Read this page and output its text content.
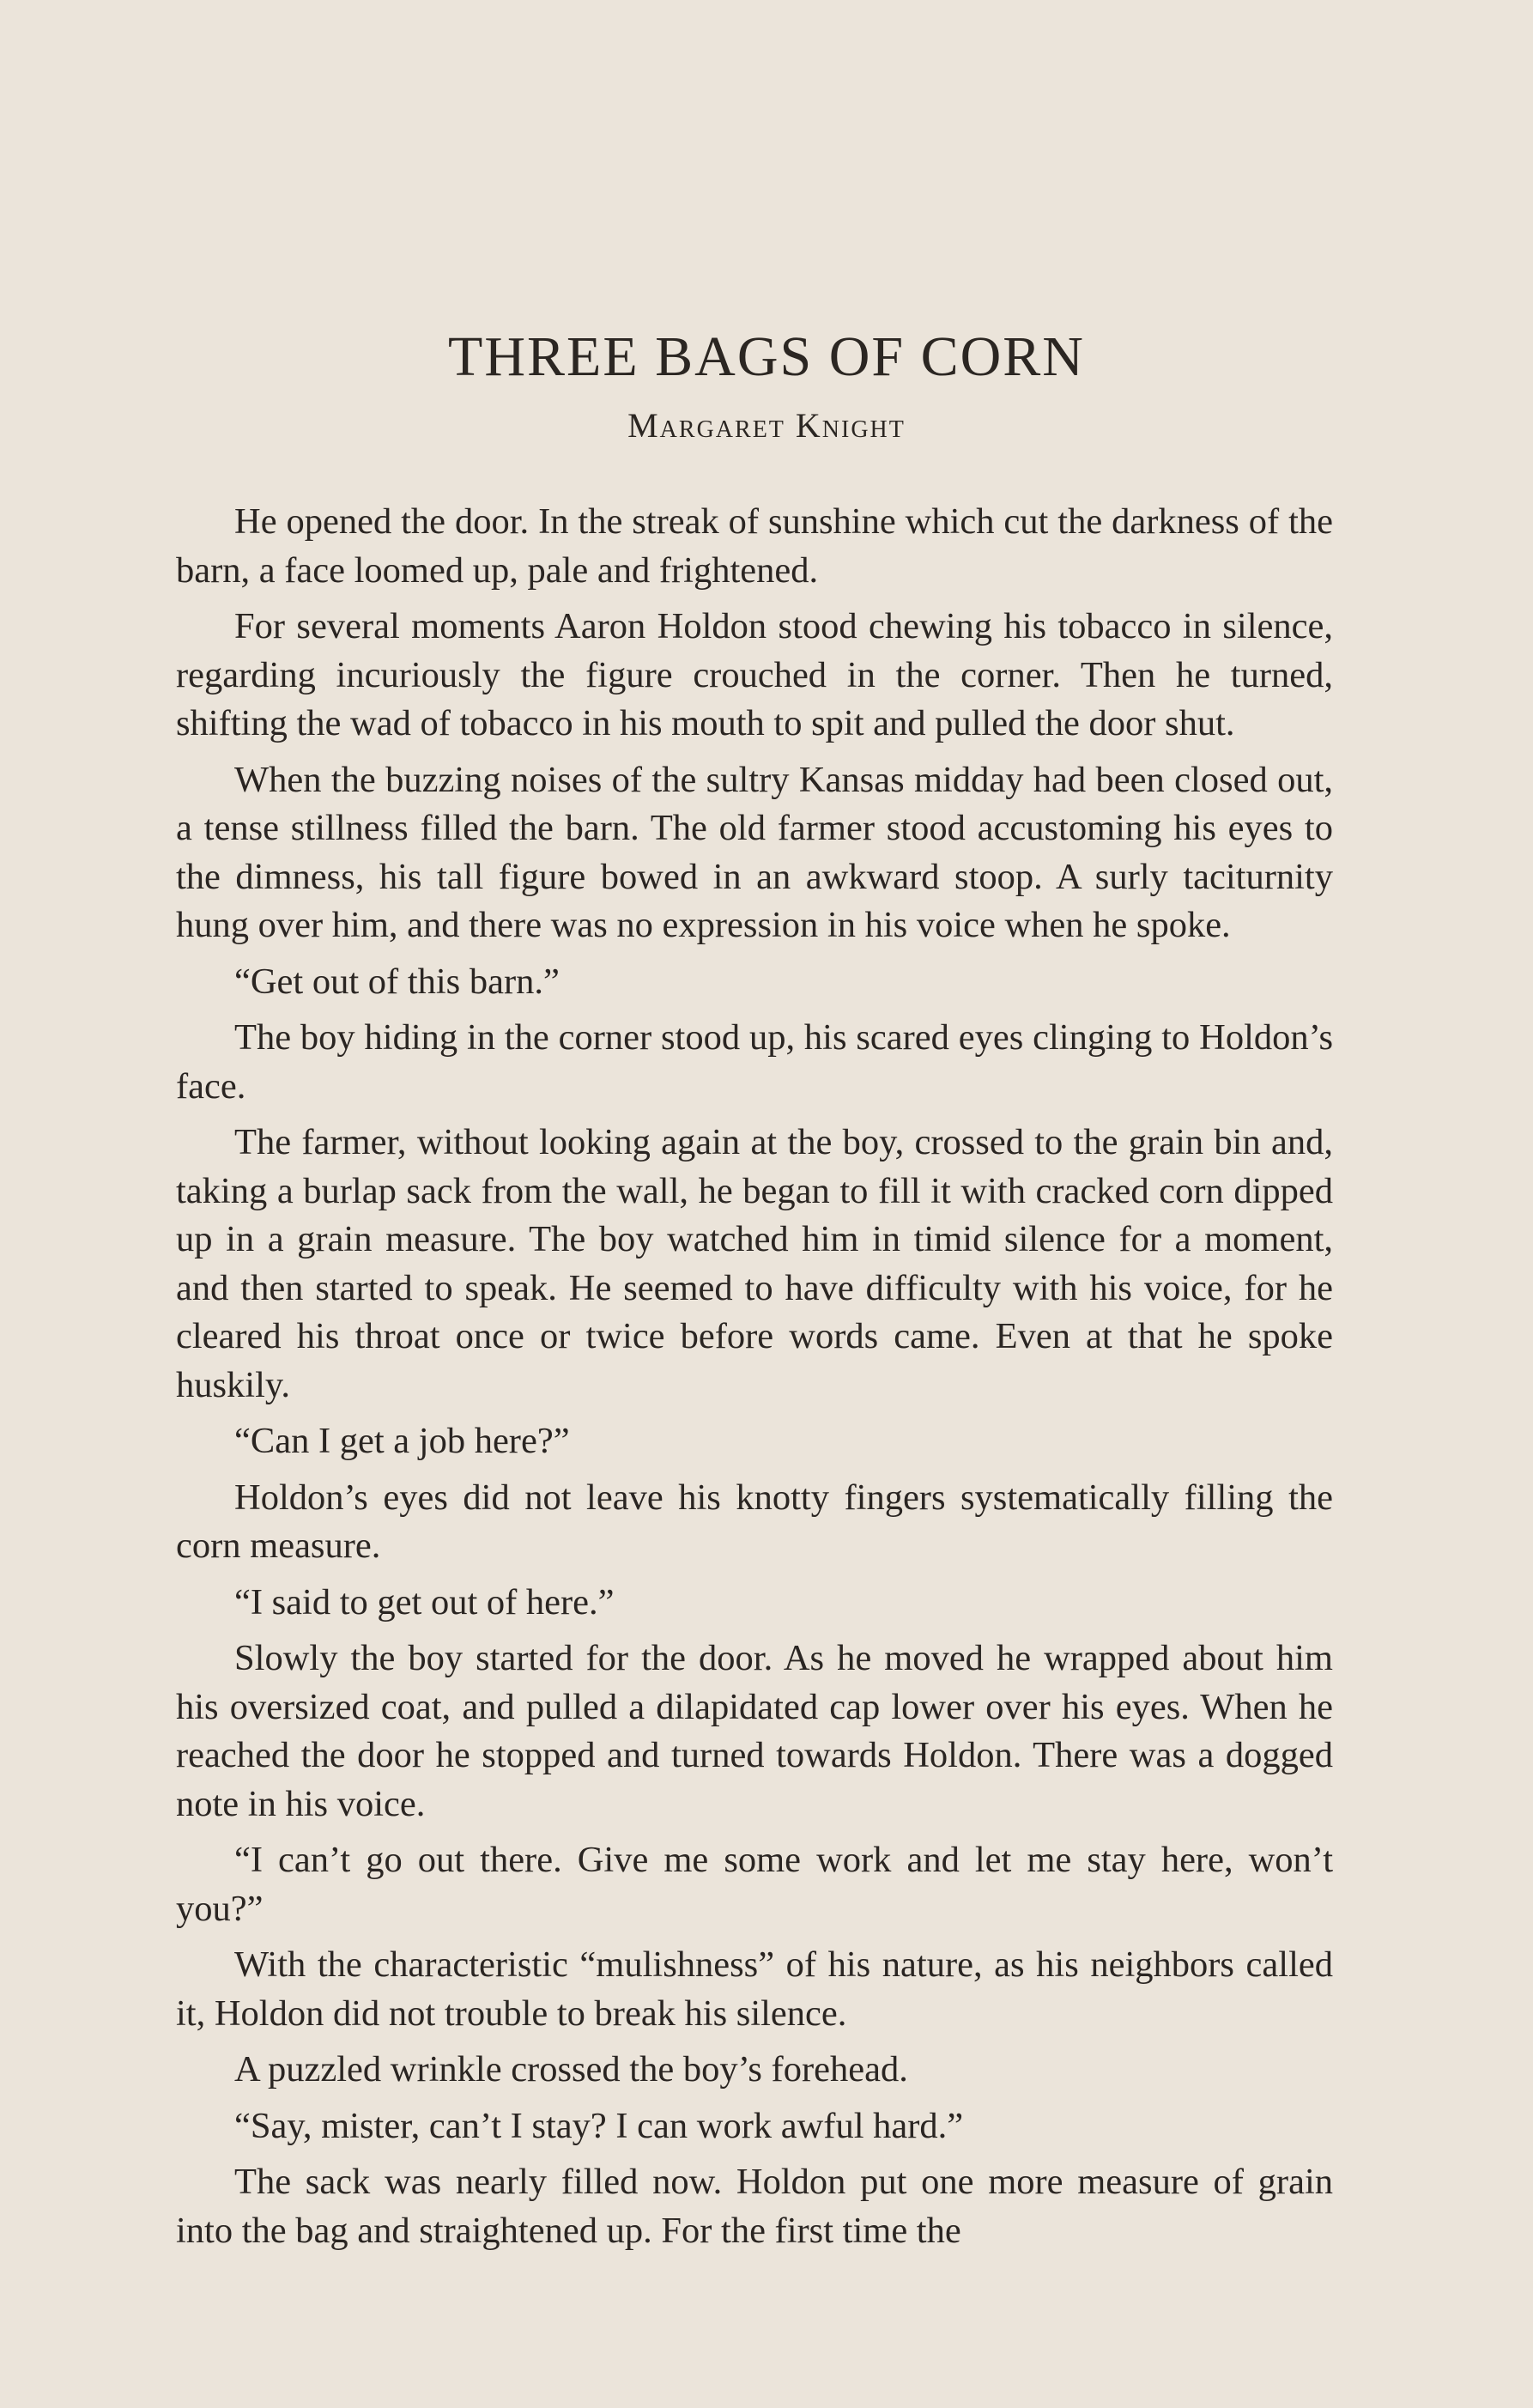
THREE BAGS OF CORN
Margaret Knight

He opened the door. In the streak of sunshine which cut the darkness of the barn, a face loomed up, pale and frightened.

For several moments Aaron Holdon stood chewing his tobacco in silence, regarding incuriously the figure crouched in the corner. Then he turned, shifting the wad of tobacco in his mouth to spit and pulled the door shut.

When the buzzing noises of the sultry Kansas midday had been closed out, a tense stillness filled the barn. The old farmer stood accustoming his eyes to the dimness, his tall figure bowed in an awkward stoop. A surly taciturnity hung over him, and there was no expression in his voice when he spoke.

“Get out of this barn.”

The boy hiding in the corner stood up, his scared eyes clinging to Holdon’s face.

The farmer, without looking again at the boy, crossed to the grain bin and, taking a burlap sack from the wall, he began to fill it with cracked corn dipped up in a grain measure. The boy watched him in timid silence for a moment, and then started to speak. He seemed to have difficulty with his voice, for he cleared his throat once or twice before words came. Even at that he spoke huskily.

“Can I get a job here?”

Holdon’s eyes did not leave his knotty fingers systematically filling the corn measure.

“I said to get out of here.”

Slowly the boy started for the door. As he moved he wrapped about him his oversized coat, and pulled a dilapidated cap lower over his eyes. When he reached the door he stopped and turned towards Holdon. There was a dogged note in his voice.

“I can’t go out there. Give me some work and let me stay here, won’t you?”

With the characteristic “mulishness” of his nature, as his neighbors called it, Holdon did not trouble to break his silence.

A puzzled wrinkle crossed the boy’s forehead.

“Say, mister, can’t I stay? I can work awful hard.”

The sack was nearly filled now. Holdon put one more measure of grain into the bag and straightened up. For the first time the
